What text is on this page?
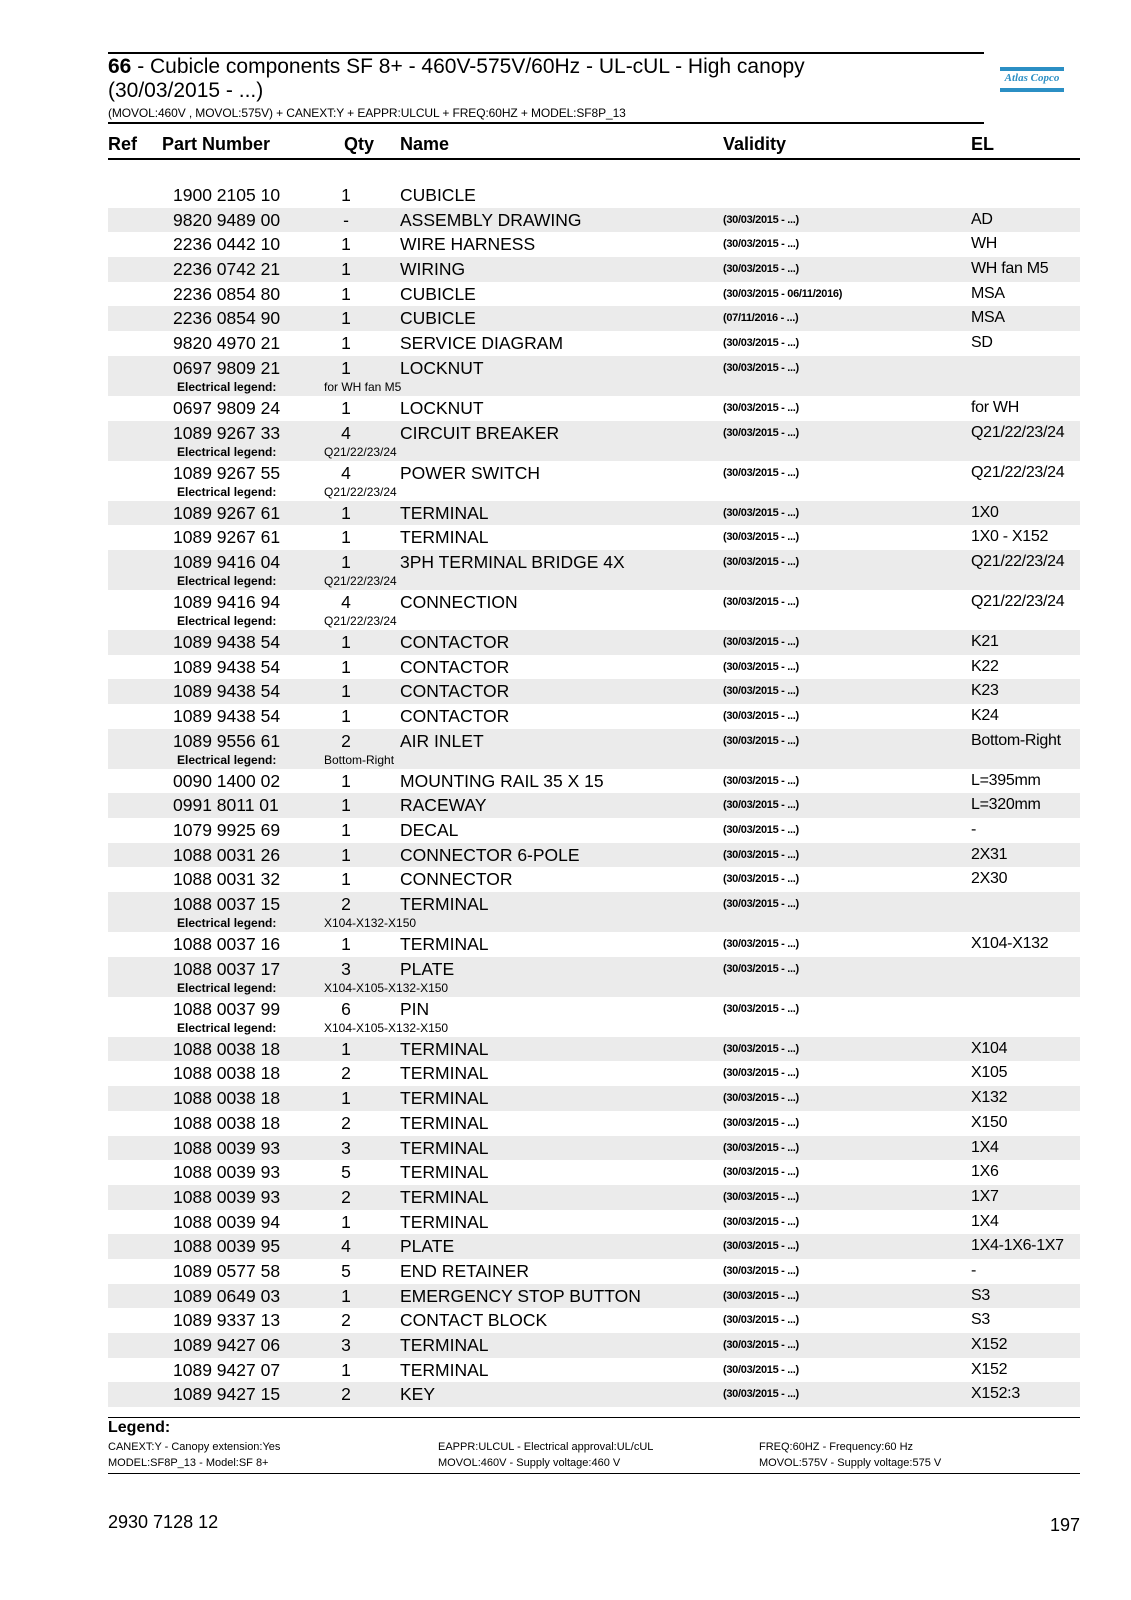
66 - Cubicle components SF 8+ - 460V-575V/60Hz - UL-cUL - High canopy
(30/03/2015 - ...)
(MOVOL:460V , MOVOL:575V) + CANEXT:Y + EAPPR:ULCUL + FREQ:60HZ + MODEL:SF8P_13
Atlas Copco
Ref Part Number	Qty Name	Validity	EL
1900 2105 10	1	CUBICLE
9820 9489 00	-	ASSEMBLY DRAWING	(30/03/2015 - ...)	AD
2236 0442 10	1	WIRE HARNESS	(30/03/2015 - ...)	WH
2236 0742 21	1	WIRING	(30/03/2015 - ...)	WH fan M5
2236 0854 80	1	CUBICLE	(30/03/2015 - 06/11/2016)	MSA
2236 0854 90	1	CUBICLE	(07/11/2016 - ...)	MSA
9820 4970 21	1	SERVICE DIAGRAM	(30/03/2015 - ...)	SD
0697 9809 21	1	LOCKNUT	(30/03/2015 - ...)
Electrical legend:	for WH fan M5
0697 9809 24	1	LOCKNUT	(30/03/2015 - ...)	for WH
1089 9267 33	4	CIRCUIT BREAKER	(30/03/2015 - ...)	Q21/22/23/24
Electrical legend:	Q21/22/23/24
1089 9267 55	4	POWER SWITCH	(30/03/2015 - ...)	Q21/22/23/24
Electrical legend:	Q21/22/23/24
1089 9267 61	1	TERMINAL	(30/03/2015 - ...)	1X0
1089 9267 61	1	TERMINAL	(30/03/2015 - ...)	1X0 - X152
1089 9416 04	1	3PH TERMINAL BRIDGE 4X	(30/03/2015 - ...)	Q21/22/23/24
Electrical legend:	Q21/22/23/24
1089 9416 94	4	CONNECTION	(30/03/2015 - ...)	Q21/22/23/24
Electrical legend:	Q21/22/23/24
1089 9438 54	1	CONTACTOR	(30/03/2015 - ...)	K21
1089 9438 54	1	CONTACTOR	(30/03/2015 - ...)	K22
1089 9438 54	1	CONTACTOR	(30/03/2015 - ...)	K23
1089 9438 54	1	CONTACTOR	(30/03/2015 - ...)	K24
1089 9556 61	2	AIR INLET	(30/03/2015 - ...)	Bottom-Right
Electrical legend:	Bottom-Right
0090 1400 02	1	MOUNTING RAIL 35 X 15	(30/03/2015 - ...)	L=395mm
0991 8011 01	1	RACEWAY	(30/03/2015 - ...)	L=320mm
1079 9925 69	1	DECAL	(30/03/2015 - ...)	-
1088 0031 26	1	CONNECTOR 6-POLE	(30/03/2015 - ...)	2X31
1088 0031 32	1	CONNECTOR	(30/03/2015 - ...)	2X30
1088 0037 15	2	TERMINAL	(30/03/2015 - ...)
Electrical legend:	X104-X132-X150
1088 0037 16	1	TERMINAL	(30/03/2015 - ...)	X104-X132
1088 0037 17	3	PLATE	(30/03/2015 - ...)
Electrical legend:	X104-X105-X132-X150
1088 0037 99	6	PIN	(30/03/2015 - ...)
Electrical legend:	X104-X105-X132-X150
1088 0038 18	1	TERMINAL	(30/03/2015 - ...)	X104
1088 0038 18	2	TERMINAL	(30/03/2015 - ...)	X105
1088 0038 18	1	TERMINAL	(30/03/2015 - ...)	X132
1088 0038 18	2	TERMINAL	(30/03/2015 - ...)	X150
1088 0039 93	3	TERMINAL	(30/03/2015 - ...)	1X4
1088 0039 93	5	TERMINAL	(30/03/2015 - ...)	1X6
1088 0039 93	2	TERMINAL	(30/03/2015 - ...)	1X7
1088 0039 94	1	TERMINAL	(30/03/2015 - ...)	1X4
1088 0039 95	4	PLATE	(30/03/2015 - ...)	1X4-1X6-1X7
1089 0577 58	5	END RETAINER	(30/03/2015 - ...)	-
1089 0649 03	1	EMERGENCY STOP BUTTON	(30/03/2015 - ...)	S3
1089 9337 13	2	CONTACT BLOCK	(30/03/2015 - ...)	S3
1089 9427 06	3	TERMINAL	(30/03/2015 - ...)	X152
1089 9427 07	1	TERMINAL	(30/03/2015 - ...)	X152
1089 9427 15	2	KEY	(30/03/2015 - ...)	X152:3
Legend:
CANEXT:Y - Canopy extension:Yes	EAPPR:ULCUL - Electrical approval:UL/cUL	FREQ:60HZ - Frequency:60 Hz
MODEL:SF8P_13 - Model:SF 8+	MOVOL:460V - Supply voltage:460 V	MOVOL:575V - Supply voltage:575 V
2930 7128 12	197
